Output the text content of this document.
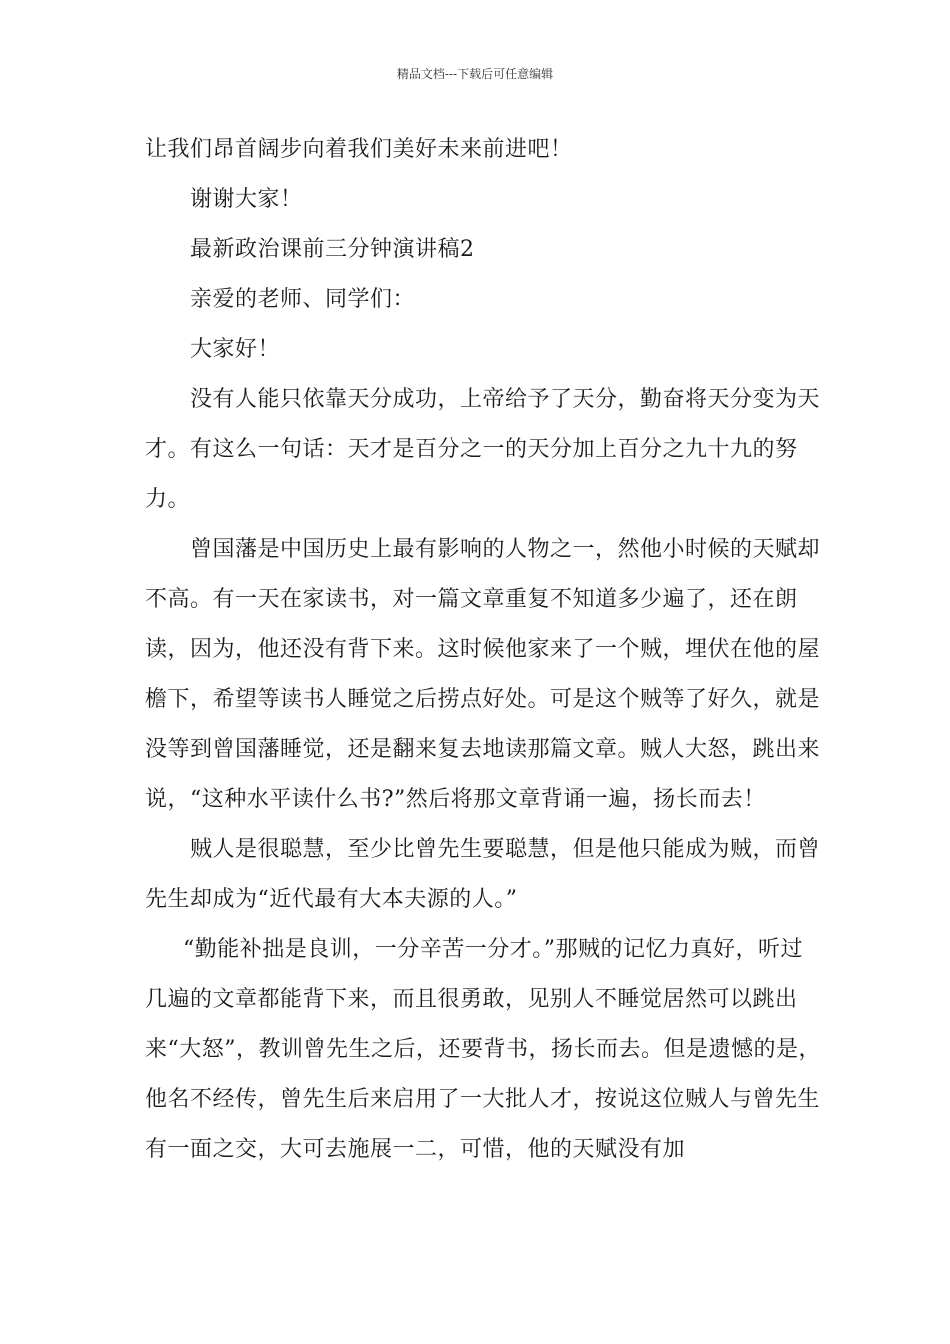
精品文档---下载后可任意编辑

让我们昂首阔步向着我们美好未来前进吧！

谢谢大家！

最新政治课前三分钟演讲稿2

亲爱的老师、同学们：

大家好！

没有人能只依靠天分成功，上帝给予了天分，勤奋将天分变为天才。有这么一句话：天才是百分之一的天分加上百分之九十九的努力。

曾国藩是中国历史上最有影响的人物之一，然他小时候的天赋却不高。有一天在家读书，对一篇文章重复不知道多少遍了，还在朗读，因为，他还没有背下来。这时候他家来了一个贼，埋伏在他的屋檐下，希望等读书人睡觉之后捞点好处。可是这个贼等了好久，就是没等到曾国藩睡觉，还是翻来复去地读那篇文章。贼人大怒，跳出来说，“这种水平读什么书?”然后将那文章背诵一遍，扬长而去！

贼人是很聪慧，至少比曾先生要聪慧，但是他只能成为贼，而曾先生却成为“近代最有大本夫源的人。”

“勤能补拙是良训，一分辛苦一分才。”那贼的记忆力真好，听过几遍的文章都能背下来，而且很勇敢，见别人不睡觉居然可以跳出来“大怒”，教训曾先生之后，还要背书，扬长而去。但是遗憾的是，他名不经传，曾先生后来启用了一大批人才，按说这位贼人与曾先生有一面之交，大可去施展一二，可惜，他的天赋没有加
